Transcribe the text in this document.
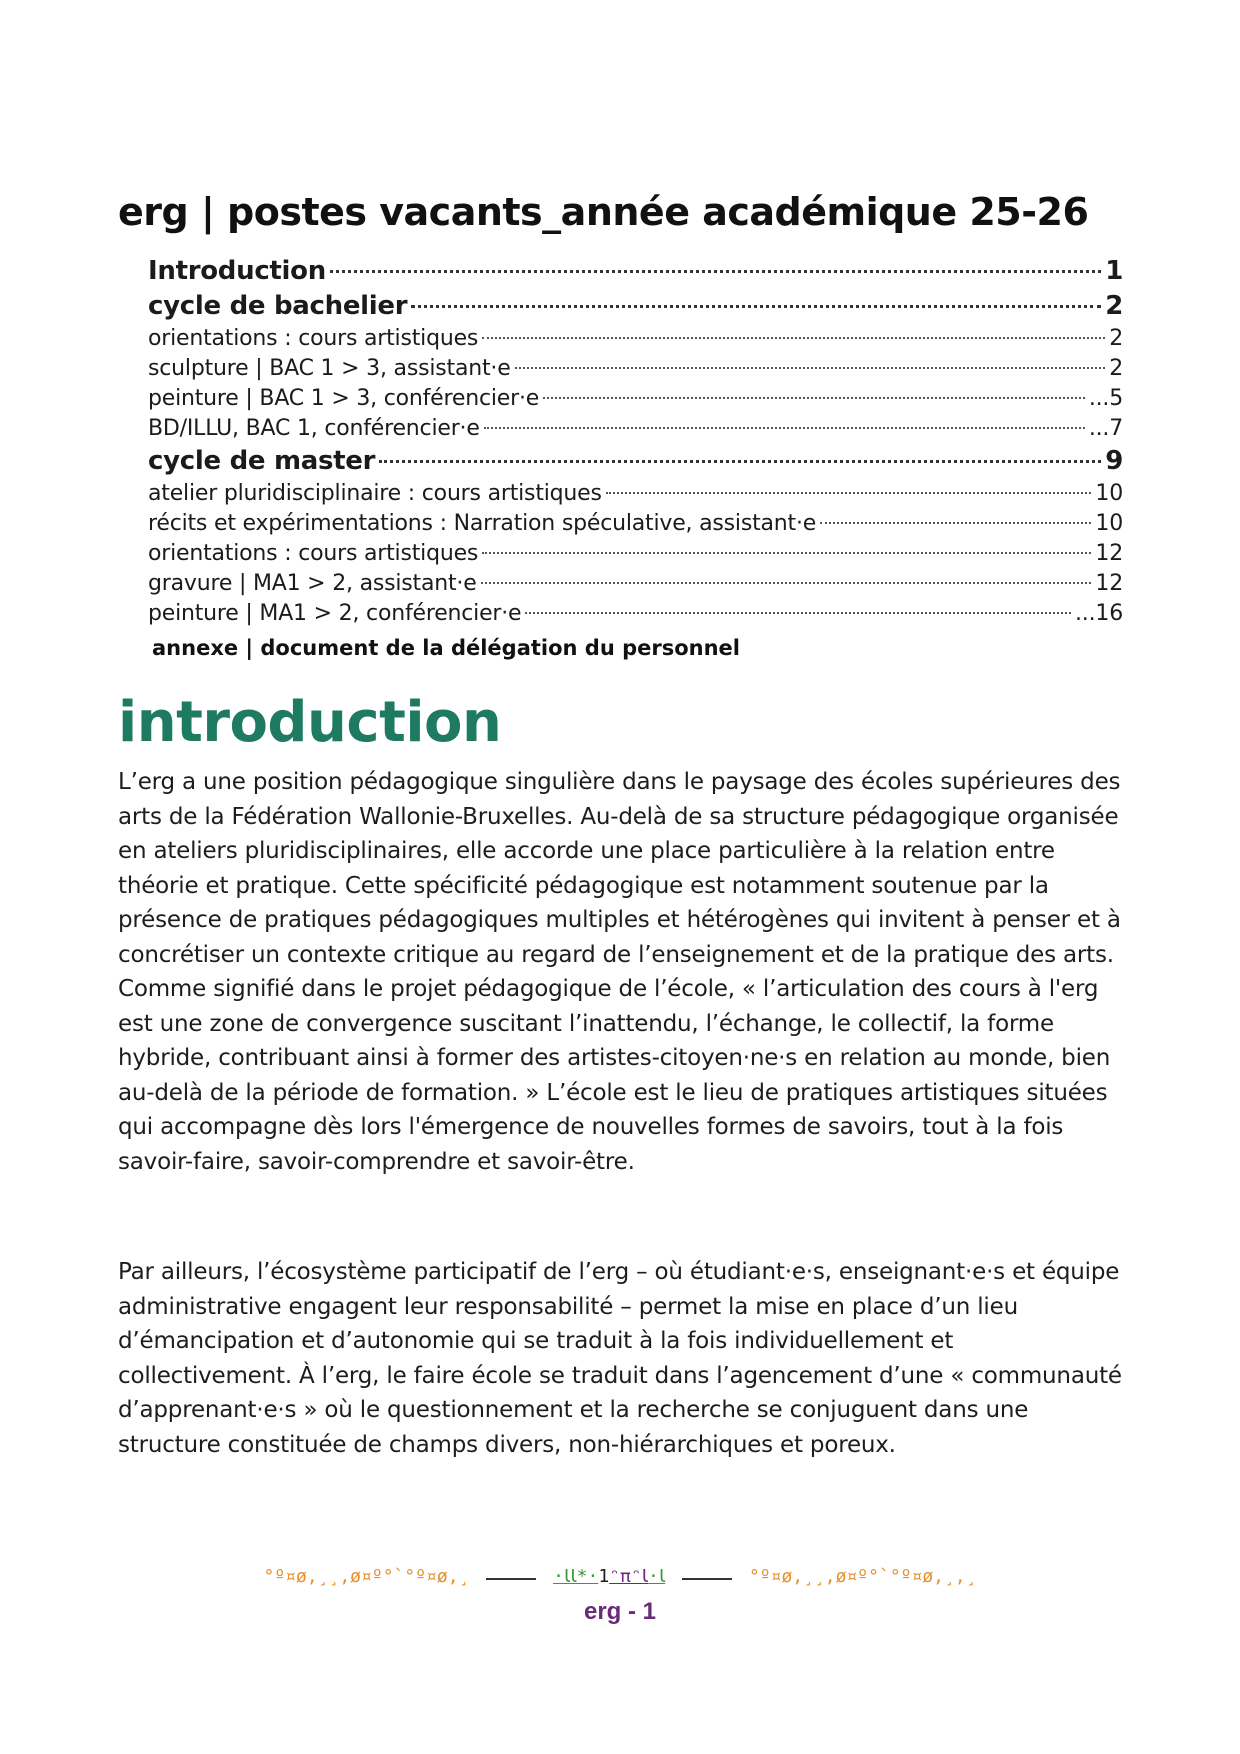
erg | postes vacants_année académique 25-26
Introduction	1
cycle de bachelier	2
orientations : cours artistiques	2
sculpture | BAC 1 > 3, assistant·e	2
peinture | BAC 1 > 3, conférencier·e	...5
BD/ILLU, BAC 1, conférencier·e	...7
cycle de master	9
atelier pluridisciplinaire : cours artistiques	10
récits et expérimentations : Narration spéculative, assistant·e	10
orientations : cours artistiques	12
gravure | MA1 > 2, assistant·e	12
peinture | MA1 > 2, conférencier·e	...16
annexe | document de la délégation du personnel
introduction
L’erg a une position pédagogique singulière dans le paysage des écoles supérieures des arts de la Fédération Wallonie-Bruxelles. Au-delà de sa structure pédagogique organisée en ateliers pluridisciplinaires, elle accorde une place particulière à la relation entre théorie et pratique. Cette spécificité pédagogique est notamment soutenue par la présence de pratiques pédagogiques multiples et hétérogènes qui invitent à penser et à concrétiser un contexte critique au regard de l’enseignement et de la pratique des arts. Comme signifié dans le projet pédagogique de l’école, « l’articulation des cours à l'erg est une zone de convergence suscitant l’inattendu, l’échange, le collectif, la forme hybride, contribuant ainsi à former des artistes-citoyen·ne·s en relation au monde, bien au-delà de la période de formation. » L’école est le lieu de pratiques artistiques situées qui accompagne dès lors l'émergence de nouvelles formes de savoirs, tout à la fois savoir-faire, savoir-comprendre et savoir-être.
Par ailleurs, l’écosystème participatif de l’erg – où étudiant·e·s, enseignant·e·s et équipe administrative engagent leur responsabilité – permet la mise en place d’un lieu d’émancipation et d’autonomie qui se traduit à la fois individuellement et collectivement. À l’erg, le faire école se traduit dans l’agencement d’une « communauté d’apprenant·e·s » où le questionnement et la recherche se conjuguent dans une structure constituée de champs divers, non-hiérarchiques et poreux.
°º¤ø,¸¸,ø¤º°`°º¤ø,¸	·ꙆꙆ*·1ᵔπᵔꙆ·Ꙇ	°º¤ø,¸¸,ø¤º°`°º¤ø,¸,¸
erg - 1
